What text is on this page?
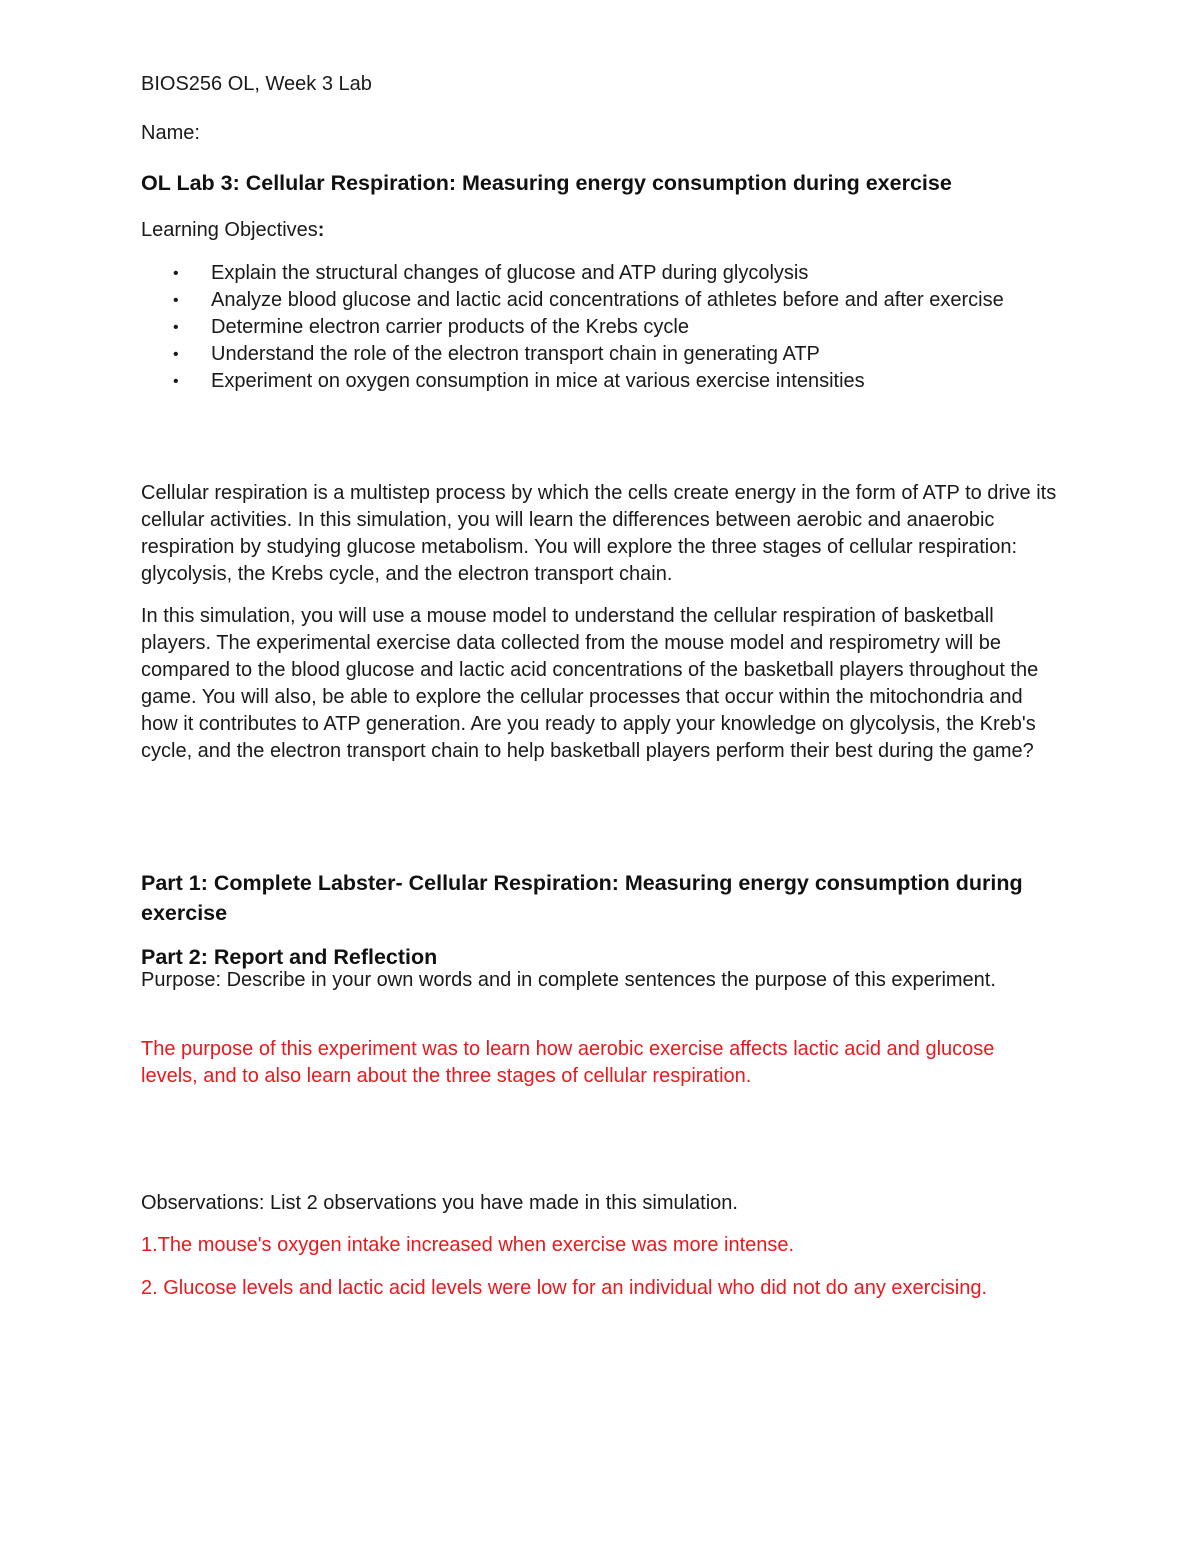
BIOS256 OL, Week 3 Lab

Name:

OL Lab 3: Cellular Respiration: Measuring energy consumption during exercise

Learning Objectives:

• Explain the structural changes of glucose and ATP during glycolysis
• Analyze blood glucose and lactic acid concentrations of athletes before and after exercise
• Determine electron carrier products of the Krebs cycle
• Understand the role of the electron transport chain in generating ATP
• Experiment on oxygen consumption in mice at various exercise intensities

Cellular respiration is a multistep process by which the cells create energy in the form of ATP to drive its cellular activities. In this simulation, you will learn the differences between aerobic and anaerobic respiration by studying glucose metabolism. You will explore the three stages of cellular respiration: glycolysis, the Krebs cycle, and the electron transport chain.

In this simulation, you will use a mouse model to understand the cellular respiration of basketball players. The experimental exercise data collected from the mouse model and respirometry will be compared to the blood glucose and lactic acid concentrations of the basketball players throughout the game. You will also, be able to explore the cellular processes that occur within the mitochondria and how it contributes to ATP generation. Are you ready to apply your knowledge on glycolysis, the Kreb's cycle, and the electron transport chain to help basketball players perform their best during the game?

Part 1: Complete Labster- Cellular Respiration: Measuring energy consumption during exercise

Part 2: Report and Reflection

Purpose: Describe in your own words and in complete sentences the purpose of this experiment.

The purpose of this experiment was to learn how aerobic exercise affects lactic acid and glucose levels, and to also learn about the three stages of cellular respiration.

Observations: List 2 observations you have made in this simulation.

1.The mouse's oxygen intake increased when exercise was more intense.

2. Glucose levels and lactic acid levels were low for an individual who did not do any exercising.
